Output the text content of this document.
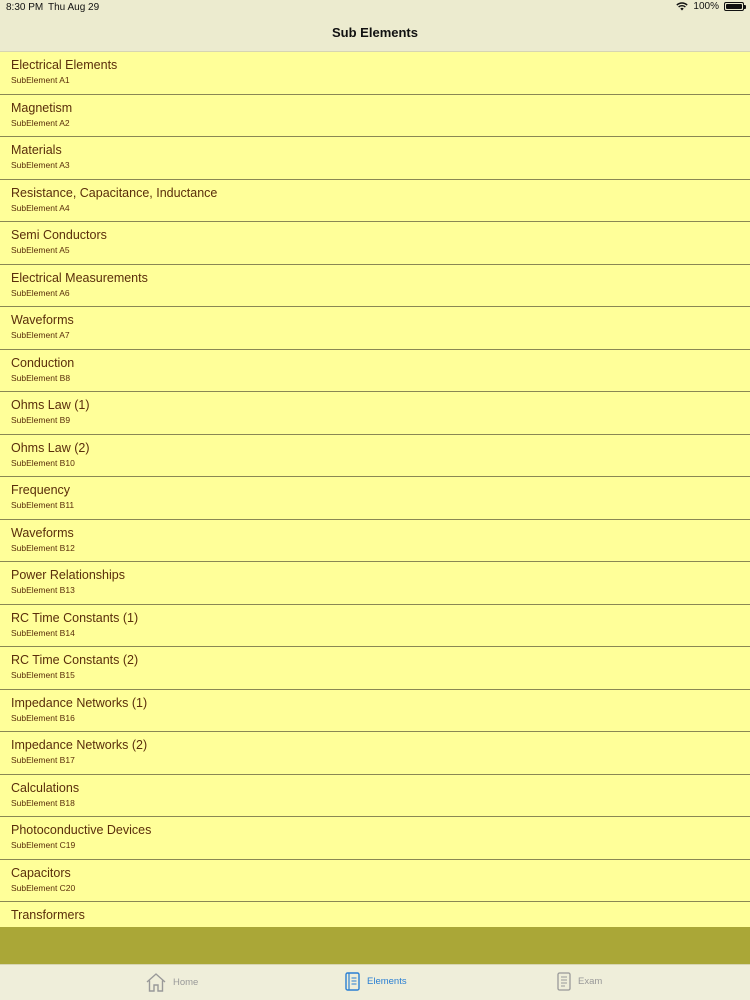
8:30 PM Thu Aug 29	100%
Sub Elements
Electrical Elements
SubElement A1
Magnetism
SubElement A2
Materials
SubElement A3
Resistance, Capacitance, Inductance
SubElement A4
Semi Conductors
SubElement A5
Electrical Measurements
SubElement A6
Waveforms
SubElement A7
Conduction
SubElement B8
Ohms Law (1)
SubElement B9
Ohms Law (2)
SubElement B10
Frequency
SubElement B11
Waveforms
SubElement B12
Power Relationships
SubElement B13
RC Time Constants (1)
SubElement B14
RC Time Constants (2)
SubElement B15
Impedance Networks (1)
SubElement B16
Impedance Networks (2)
SubElement B17
Calculations
SubElement B18
Photoconductive Devices
SubElement C19
Capacitors
SubElement C20
Transformers
Home	Elements	Exam
